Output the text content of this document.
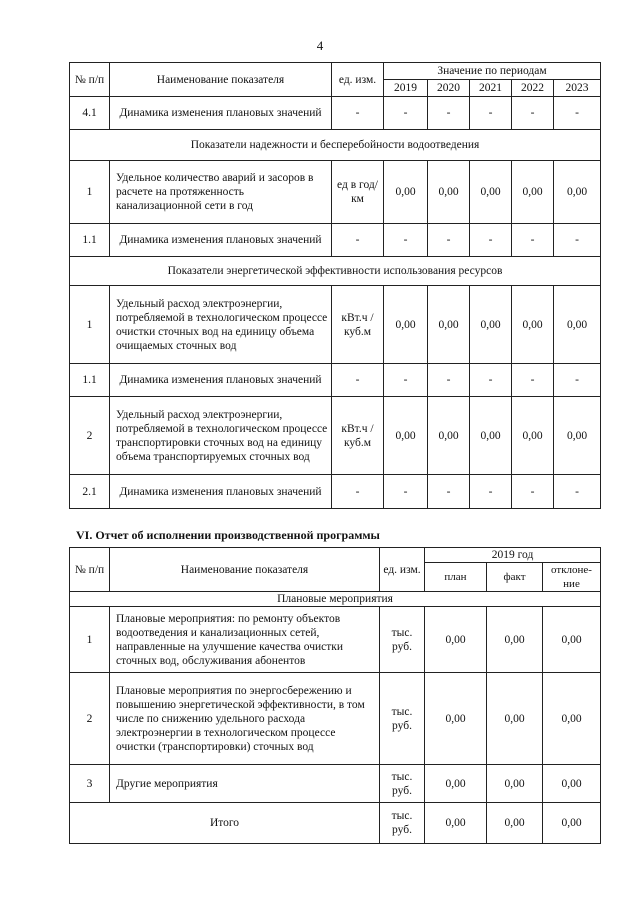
4
№ п/п	Наименование показателя	ед. изм.	Значение по периодам				
			2019	2020	2021	2022	2023
4.1	Динамика изменения плановых значений	-	-	-	-	-	-
Показатели надежности и бесперебойности водоотведения							
1	Удельное количество аварий и засоров в расчете на протяженность канализационной сети в год	ед в год/ км	0,00	0,00	0,00	0,00	0,00
1.1	Динамика изменения плановых значений	-	-	-	-	-	-
Показатели энергетической эффективности использования ресурсов							
1	Удельный расход электроэнергии, потребляемой в технологическом процессе очистки сточных вод на единицу объема очищаемых сточных вод	кВт.ч / куб.м	0,00	0,00	0,00	0,00	0,00
1.1	Динамика изменения плановых значений	-	-	-	-	-	-
2	Удельный расход электроэнергии, потребляемой в технологическом процессе транспортировки сточных вод на единицу объема транспортируемых сточных вод	кВт.ч / куб.м	0,00	0,00	0,00	0,00	0,00
2.1	Динамика изменения плановых значений	-	-	-	-	-	-
VI. Отчет об исполнении производственной программы
№ п/п	Наименование показателя	ед. изм.	2019 год		
			план	факт	отклоне-ние
Плановые мероприятия					
1	Плановые мероприятия: по ремонту объектов водоотведения и канализационных сетей, направленные на улучшение качества очистки сточных вод, обслуживания абонентов	тыс. руб.	0,00	0,00	0,00
2	Плановые мероприятия по энергосбережению и повышению энергетической эффективности, в том числе по снижению удельного расхода электроэнергии в технологическом процессе очистки (транспортировки) сточных вод	тыс. руб.	0,00	0,00	0,00
3	Другие мероприятия	тыс. руб.	0,00	0,00	0,00
Итого		тыс. руб.	0,00	0,00	0,00
